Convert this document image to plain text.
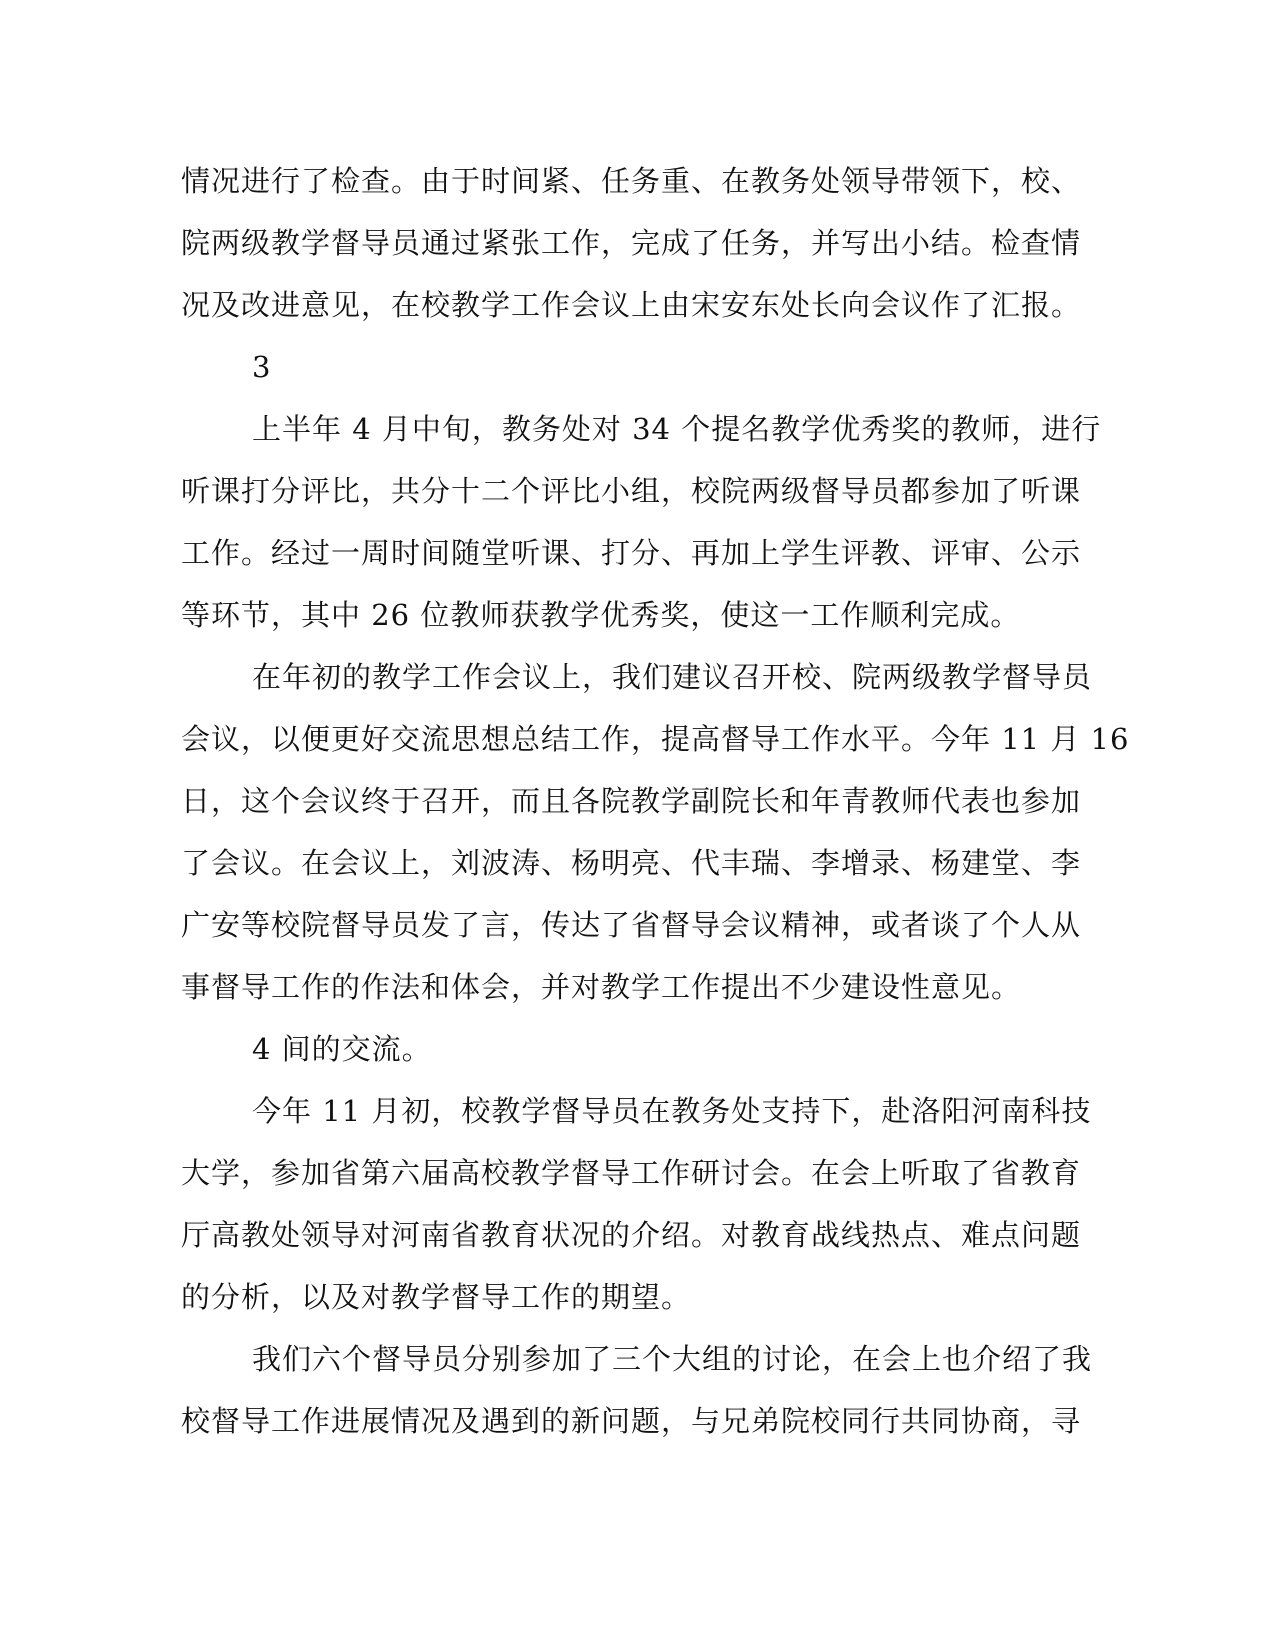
情况进行了检查。由于时间紧、任务重、在教务处领导带领下，校、
院两级教学督导员通过紧张工作，完成了任务，并写出小结。检查情
况及改进意见，在校教学工作会议上由宋安东处长向会议作了汇报。
3
上半年 4 月中旬，教务处对 34 个提名教学优秀奖的教师，进行
听课打分评比，共分十二个评比小组，校院两级督导员都参加了听课
工作。经过一周时间随堂听课、打分、再加上学生评教、评审、公示
等环节，其中 26 位教师获教学优秀奖，使这一工作顺利完成。
在年初的教学工作会议上，我们建议召开校、院两级教学督导员
会议，以便更好交流思想总结工作，提高督导工作水平。今年 11 月 16
日，这个会议终于召开，而且各院教学副院长和年青教师代表也参加
了会议。在会议上，刘波涛、杨明亮、代丰瑞、李增录、杨建堂、李
广安等校院督导员发了言，传达了省督导会议精神，或者谈了个人从
事督导工作的作法和体会，并对教学工作提出不少建设性意见。
4 间的交流。
今年 11 月初，校教学督导员在教务处支持下，赴洛阳河南科技
大学，参加省第六届高校教学督导工作研讨会。在会上听取了省教育
厅高教处领导对河南省教育状况的介绍。对教育战线热点、难点问题
的分析，以及对教学督导工作的期望。
我们六个督导员分别参加了三个大组的讨论，在会上也介绍了我
校督导工作进展情况及遇到的新问题，与兄弟院校同行共同协商，寻
